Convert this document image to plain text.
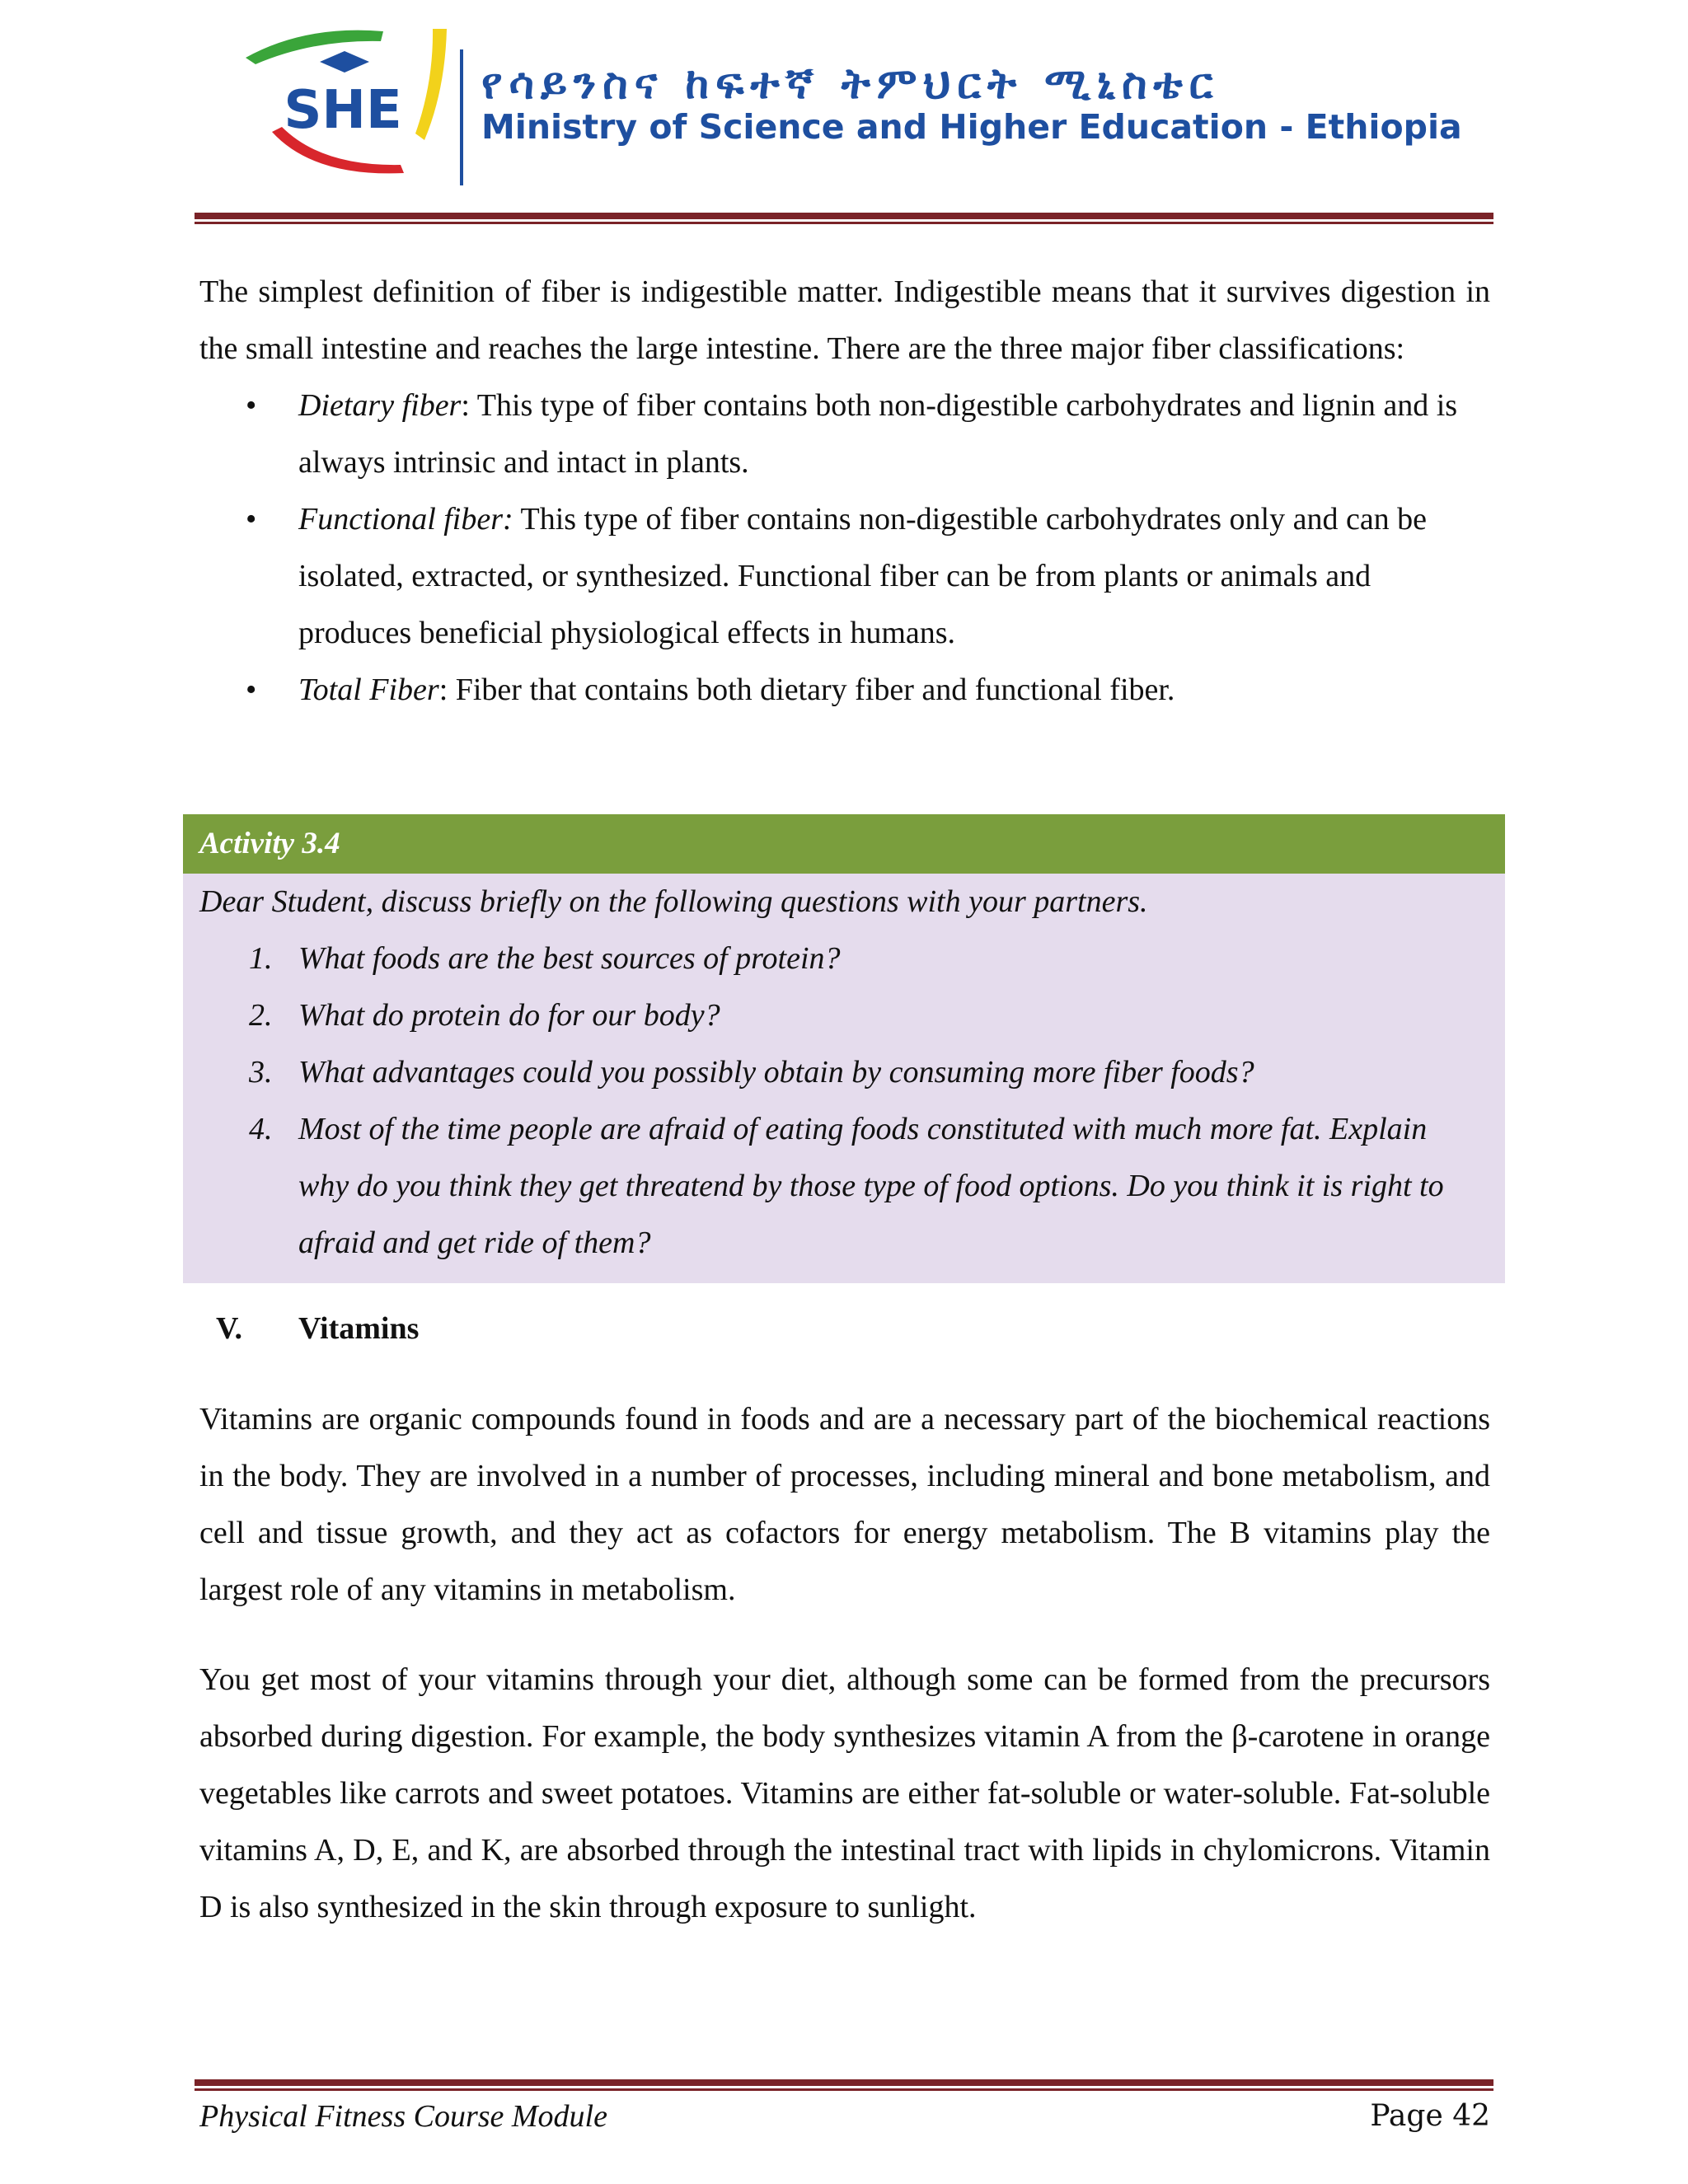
SHE የሳይንስና ከፍተኛ ትምህርት ሚኒስቴር
Ministry of Science and Higher Education - Ethiopia

The simplest definition of fiber is indigestible matter. Indigestible means that it survives digestion in the small intestine and reaches the large intestine. There are the three major fiber classifications:

• Dietary fiber: This type of fiber contains both non-digestible carbohydrates and lignin and is always intrinsic and intact in plants.
• Functional fiber: This type of fiber contains non-digestible carbohydrates only and can be isolated, extracted, or synthesized. Functional fiber can be from plants or animals and produces beneficial physiological effects in humans.
• Total Fiber: Fiber that contains both dietary fiber and functional fiber.
Activity 3.4

Dear Student, discuss briefly on the following questions with your partners.

1. What foods are the best sources of protein?
2. What do protein do for our body?
3. What advantages could you possibly obtain by consuming more fiber foods?
4. Most of the time people are afraid of eating foods constituted with much more fat. Explain why do you think they get threatend by those type of food options. Do you think it is right to afraid and get ride of them?
V. Vitamins

Vitamins are organic compounds found in foods and are a necessary part of the biochemical reactions in the body. They are involved in a number of processes, including mineral and bone metabolism, and cell and tissue growth, and they act as cofactors for energy metabolism. The B vitamins play the largest role of any vitamins in metabolism.

You get most of your vitamins through your diet, although some can be formed from the precursors absorbed during digestion. For example, the body synthesizes vitamin A from the β-carotene in orange vegetables like carrots and sweet potatoes. Vitamins are either fat-soluble or water-soluble. Fat-soluble vitamins A, D, E, and K, are absorbed through the intestinal tract with lipids in chylomicrons. Vitamin D is also synthesized in the skin through exposure to sunlight.

Physical Fitness Course Module	Page 42
